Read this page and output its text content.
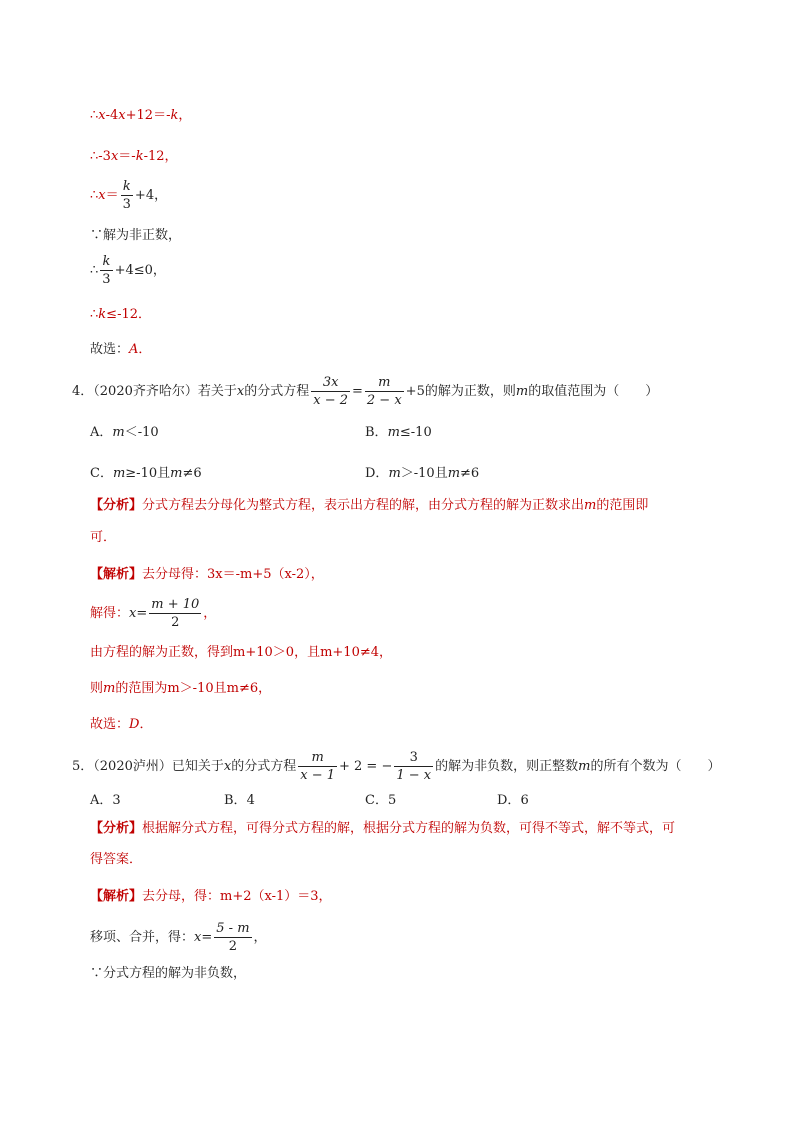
∴x-4x+12＝-k，
∴-3x＝-k-12，
∴x＝ $\frac{k}{3} +4$，
∵解为非正数，
∴ $\frac{k}{3} +4\le 0$，
∴k≤-12．
故选：A．
4．（2020齐齐哈尔）若关于x的分式方程 $\frac{3x}{x - 2} = \frac{m}{2 - x} +5$的解为正数，则m的取值范围为（　　）
A．m＜-10	B．m≤-10
C．m≥-10且m≠6	D．m＞-10且m≠6
【分析】分式方程去分母化为整式方程，表示出方程的解，由分式方程的解为正数求出m的范围即
可．
【解析】去分母得：3x＝-m+5（x-2），
解得：$x= \frac{m + 10}{2}$ ，
由方程的解为正数，得到m+10＞0，且m+10≠4，
则m的范围为m＞-10且m≠6，
故选：D．
5．（2020泸州）已知关于x的分式方程 $\frac{m}{x - 1} + 2$ = − $\frac{3}{1 - x}$ 的解为非负数，则正整数m的所有个数为（　　）
A．3	B．4	C．5	D．6
【分析】根据解分式方程，可得分式方程的解，根据分式方程的解为负数，可得不等式，解不等式，可
得答案．
【解析】去分母，得：m+2（x-1）＝3，
移项、合并，得：$x= \frac{5 - m}{2}$ ，
∵分式方程的解为非负数，
